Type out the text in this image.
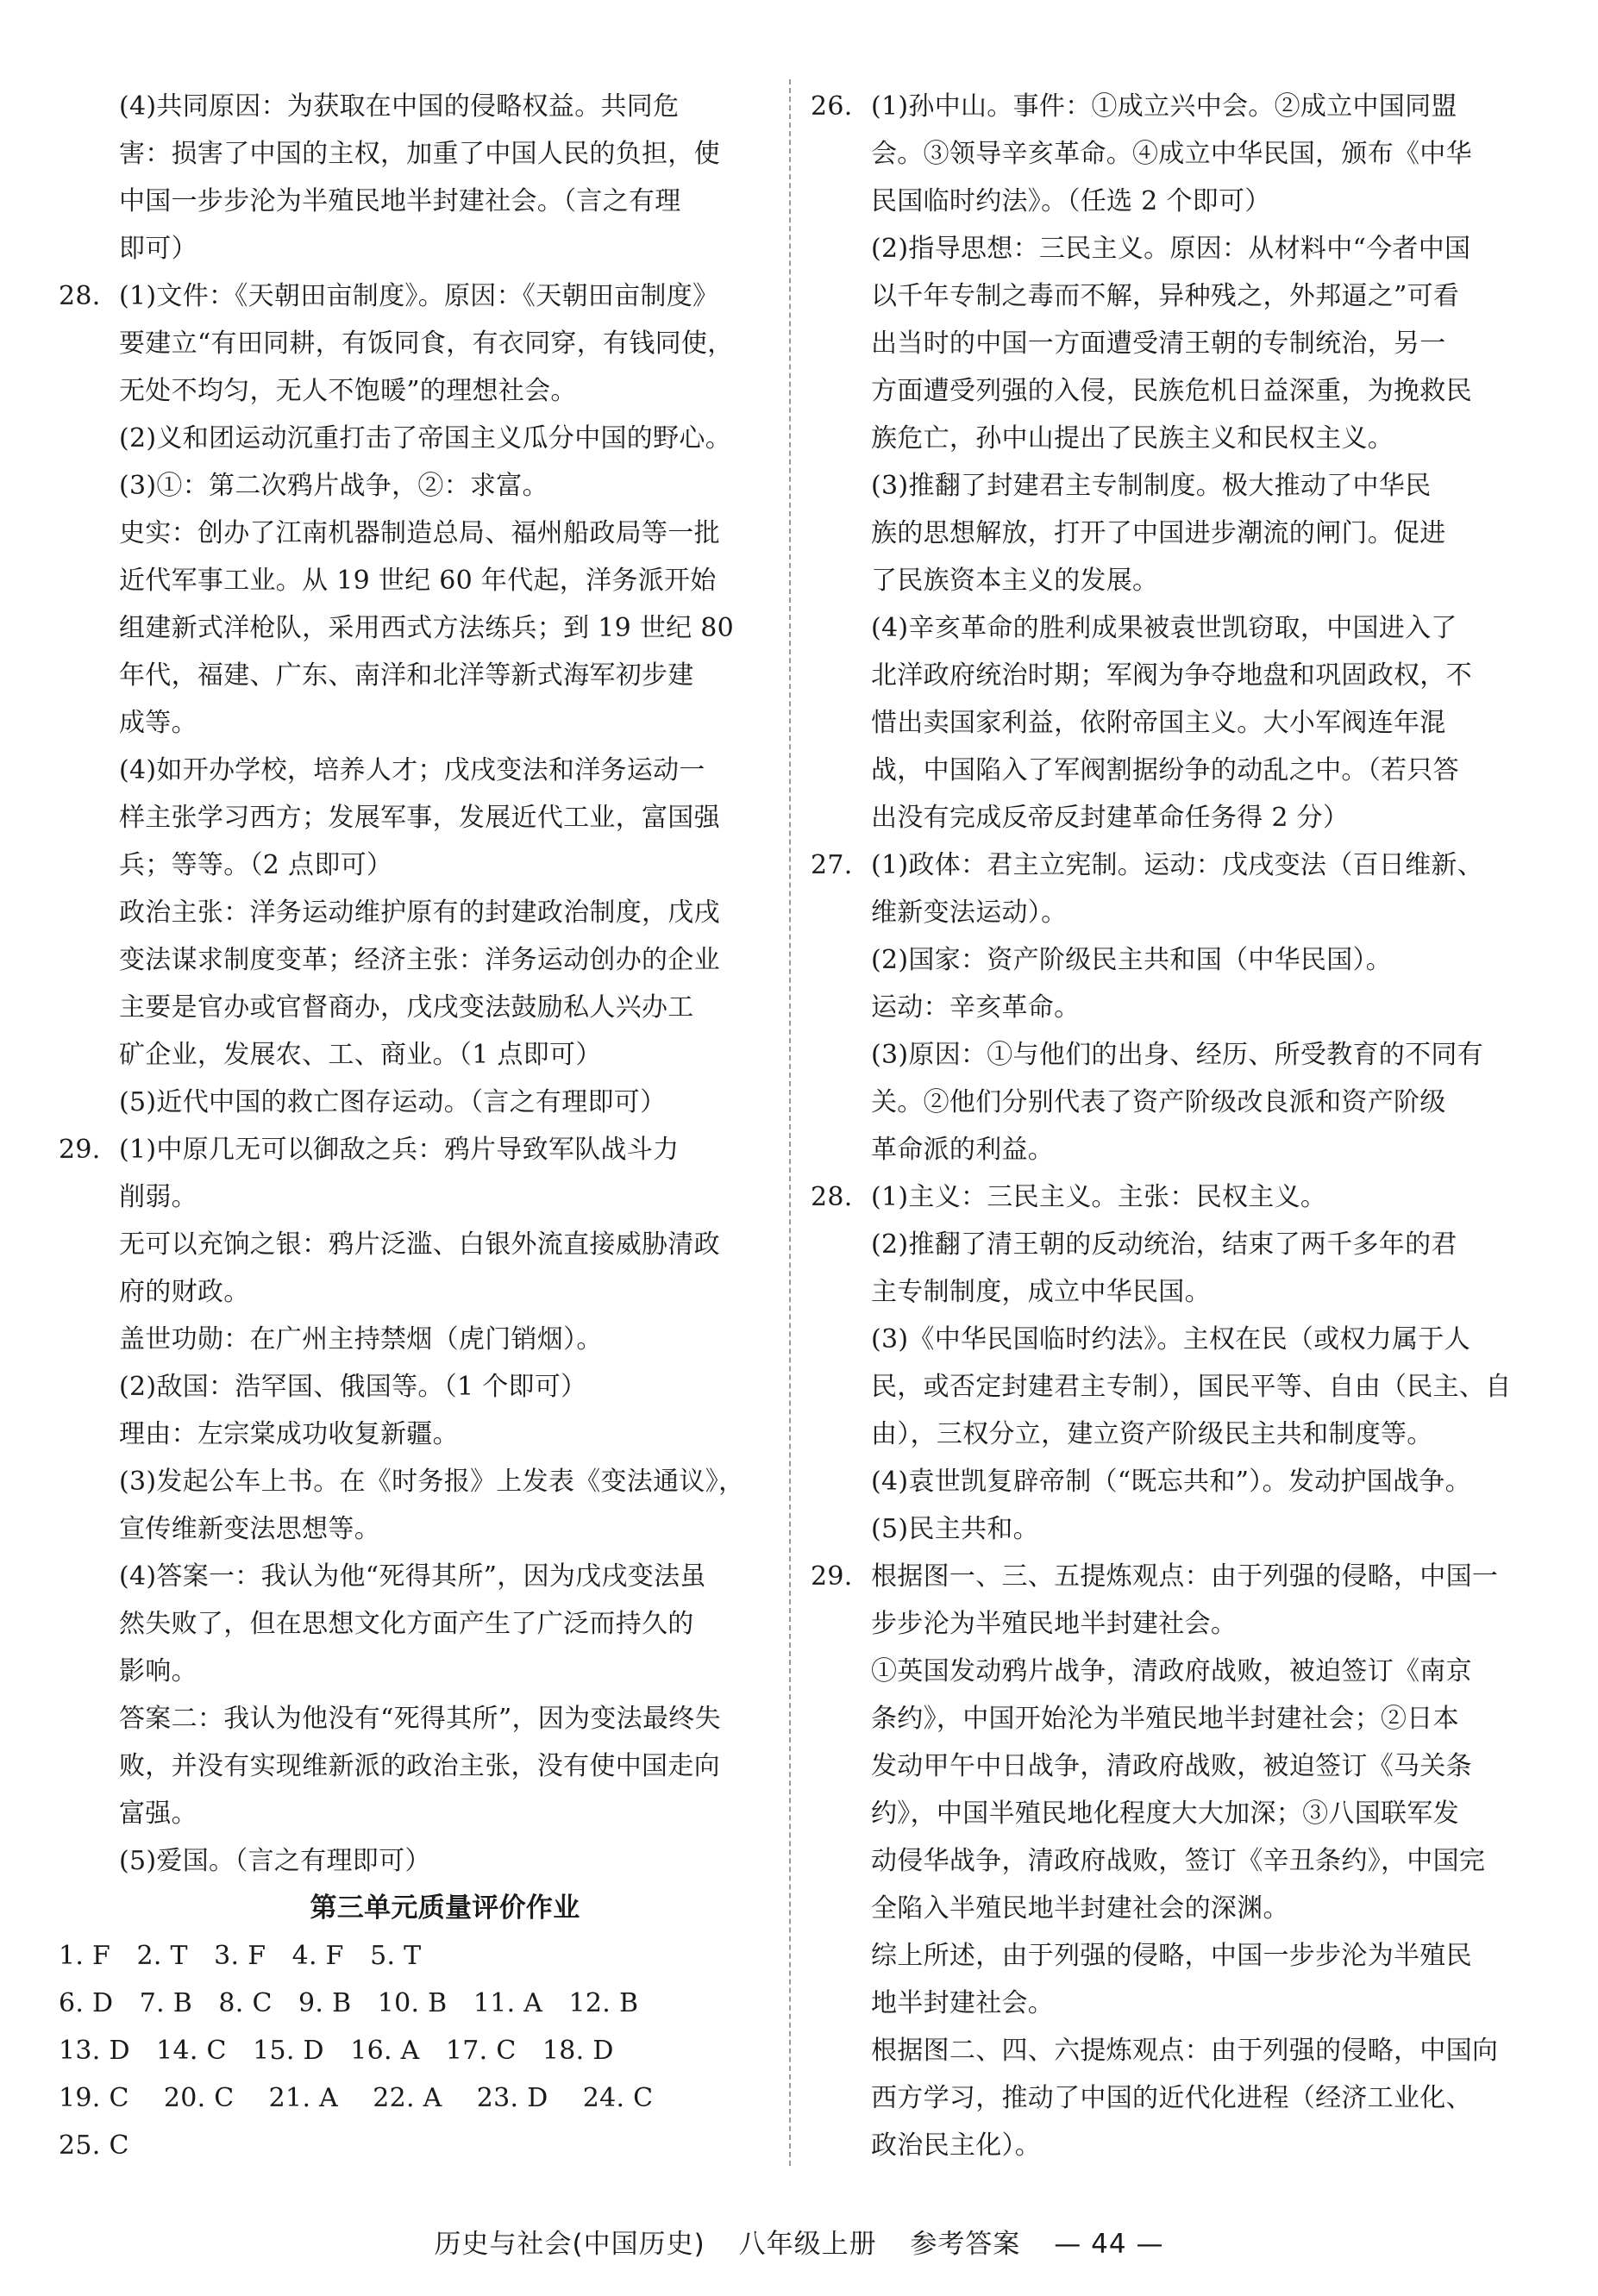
(4)共同原因：为获取在中国的侵略权益。共同危
害：损害了中国的主权，加重了中国人民的负担，使
中国一步步沦为半殖民地半封建社会。（言之有理
即可）
28. (1)文件：《天朝田亩制度》。原因：《天朝田亩制度》
要建立“有田同耕，有饭同食，有衣同穿，有钱同使，
无处不均匀，无人不饱暖”的理想社会。
(2)义和团运动沉重打击了帝国主义瓜分中国的野心。
(3)①：第二次鸦片战争，②：求富。
史实：创办了江南机器制造总局、福州船政局等一批
近代军事工业。从 19 世纪 60 年代起，洋务派开始
组建新式洋枪队，采用西式方法练兵；到 19 世纪 80
年代，福建、广东、南洋和北洋等新式海军初步建
成等。
(4)如开办学校，培养人才；戊戌变法和洋务运动一
样主张学习西方；发展军事，发展近代工业，富国强
兵；等等。（2 点即可）
政治主张：洋务运动维护原有的封建政治制度，戊戌
变法谋求制度变革；经济主张：洋务运动创办的企业
主要是官办或官督商办，戊戌变法鼓励私人兴办工
矿企业，发展农、工、商业。（1 点即可）
(5)近代中国的救亡图存运动。（言之有理即可）
29. (1)中原几无可以御敌之兵：鸦片导致军队战斗力
削弱。
无可以充饷之银：鸦片泛滥、白银外流直接威胁清政
府的财政。
盖世功勋：在广州主持禁烟（虎门销烟）。
(2)敌国：浩罕国、俄国等。（1 个即可）
理由：左宗棠成功收复新疆。
(3)发起公车上书。在《时务报》上发表《变法通议》，
宣传维新变法思想等。
(4)答案一：我认为他“死得其所”，因为戊戌变法虽
然失败了，但在思想文化方面产生了广泛而持久的
影响。
答案二：我认为他没有“死得其所”，因为变法最终失
败，并没有实现维新派的政治主张，没有使中国走向
富强。
(5)爱国。（言之有理即可）
第三单元质量评价作业
1. F　2. T　3. F　4. F　5. T
6. D　7. B　8. C　9. B　10. B　11. A　12. B
13. D　14. C　15. D　16. A　17. C　18. D
19. C　 20. C　 21. A　 22. A　 23. D　 24. C
25. C
26. (1)孙中山。事件：①成立兴中会。②成立中国同盟
会。③领导辛亥革命。④成立中华民国，颁布《中华
民国临时约法》。（任选 2 个即可）
(2)指导思想：三民主义。原因：从材料中“今者中国
以千年专制之毒而不解，异种残之，外邦逼之”可看
出当时的中国一方面遭受清王朝的专制统治，另一
方面遭受列强的入侵，民族危机日益深重，为挽救民
族危亡，孙中山提出了民族主义和民权主义。
(3)推翻了封建君主专制制度。极大推动了中华民
族的思想解放，打开了中国进步潮流的闸门。促进
了民族资本主义的发展。
(4)辛亥革命的胜利成果被袁世凯窃取，中国进入了
北洋政府统治时期；军阀为争夺地盘和巩固政权，不
惜出卖国家利益，依附帝国主义。大小军阀连年混
战，中国陷入了军阀割据纷争的动乱之中。（若只答
出没有完成反帝反封建革命任务得 2 分）
27. (1)政体：君主立宪制。运动：戊戌变法（百日维新、
维新变法运动）。
(2)国家：资产阶级民主共和国（中华民国）。
运动：辛亥革命。
(3)原因：①与他们的出身、经历、所受教育的不同有
关。②他们分别代表了资产阶级改良派和资产阶级
革命派的利益。
28. (1)主义：三民主义。主张：民权主义。
(2)推翻了清王朝的反动统治，结束了两千多年的君
主专制制度，成立中华民国。
(3)《中华民国临时约法》。主权在民（或权力属于人
民，或否定封建君主专制），国民平等、自由（民主、自
由），三权分立，建立资产阶级民主共和制度等。
(4)袁世凯复辟帝制（“既忘共和”）。发动护国战争。
(5)民主共和。
29. 根据图一、三、五提炼观点：由于列强的侵略，中国一
步步沦为半殖民地半封建社会。
①英国发动鸦片战争，清政府战败，被迫签订《南京
条约》，中国开始沦为半殖民地半封建社会；②日本
发动甲午中日战争，清政府战败，被迫签订《马关条
约》，中国半殖民地化程度大大加深；③八国联军发
动侵华战争，清政府战败，签订《辛丑条约》，中国完
全陷入半殖民地半封建社会的深渊。
综上所述，由于列强的侵略，中国一步步沦为半殖民
地半封建社会。
根据图二、四、六提炼观点：由于列强的侵略，中国向
西方学习，推动了中国的近代化进程（经济工业化、
政治民主化）。
历史与社会(中国历史) 八年级上册 参考答案 — 44 —
